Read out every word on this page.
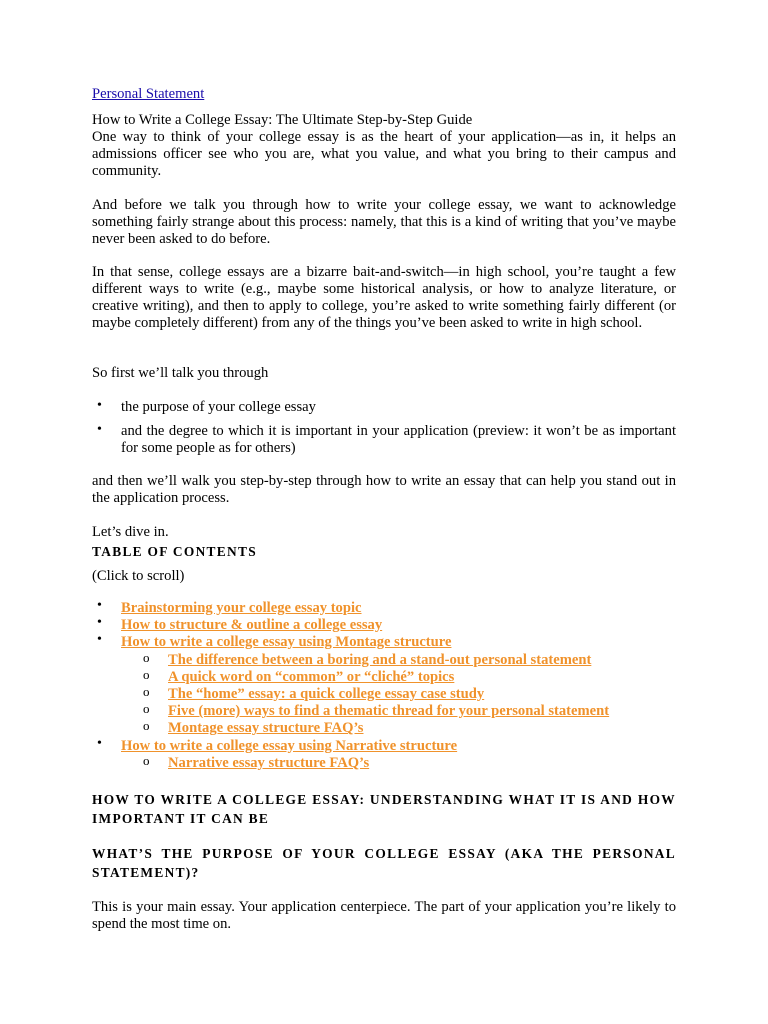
Personal Statement
How to Write a College Essay: The Ultimate Step-by-Step Guide

One way to think of your college essay is as the heart of your application—as in, it helps an admissions officer see who you are, what you value, and what you bring to their campus and community.

And before we talk you through how to write your college essay, we want to acknowledge something fairly strange about this process: namely, that this is a kind of writing that you’ve maybe never been asked to do before.

In that sense, college essays are a bizarre bait-and-switch—in high school, you’re taught a few different ways to write (e.g., maybe some historical analysis, or how to analyze literature, or creative writing), and then to apply to college, you’re asked to write something fairly different (or maybe completely different) from any of the things you’ve been asked to write in high school.

So first we’ll talk you through

• the purpose of your college essay
• and the degree to which it is important in your application (preview: it won’t be as important for some people as for others)

and then we’ll walk you step-by-step through how to write an essay that can help you stand out in the application process.

Let’s dive in.

TABLE OF CONTENTS

(Click to scroll)

• Brainstorming your college essay topic
• How to structure & outline a college essay
• How to write a college essay using Montage structure
o The difference between a boring and a stand-out personal statement
o A quick word on “common” or “cliché” topics
o The “home” essay: a quick college essay case study
o Five (more) ways to find a thematic thread for your personal statement
o Montage essay structure FAQ’s
• How to write a college essay using Narrative structure
o Narrative essay structure FAQ’s
HOW TO WRITE A COLLEGE ESSAY: UNDERSTANDING WHAT IT IS AND HOW IMPORTANT IT CAN BE
WHAT’S THE PURPOSE OF YOUR COLLEGE ESSAY (AKA THE PERSONAL STATEMENT)?

This is your main essay. Your application centerpiece. The part of your application you’re likely to spend the most time on.
